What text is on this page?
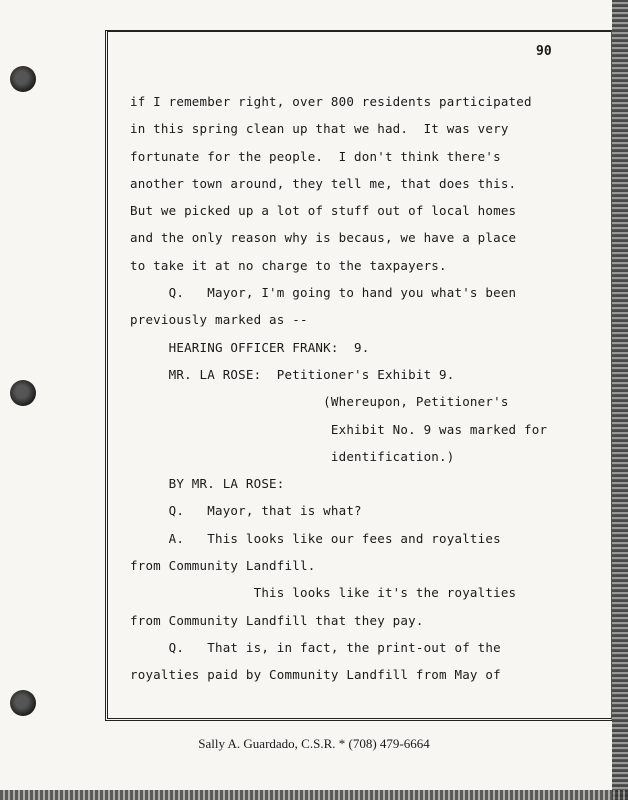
90
if I remember right, over 800 residents participated
in this spring clean up that we had.  It was very
fortunate for the people.  I don't think there's
another town around, they tell me, that does this.
But we picked up a lot of stuff out of local homes
and the only reason why is becaus, we have a place
to take it at no charge to the taxpayers.
Q.   Mayor, I'm going to hand you what's been
previously marked as --
HEARING OFFICER FRANK:  9.
MR. LA ROSE:  Petitioner's Exhibit 9.
(Whereupon, Petitioner's
Exhibit No. 9 was marked for
identification.)
BY MR. LA ROSE:
Q.   Mayor, that is what?
A.   This looks like our fees and royalties
from Community Landfill.
This looks like it's the royalties
from Community Landfill that they pay.
Q.   That is, in fact, the print-out of the
royalties paid by Community Landfill from May of
Sally A. Guardado, C.S.R. * (708) 479-6664
